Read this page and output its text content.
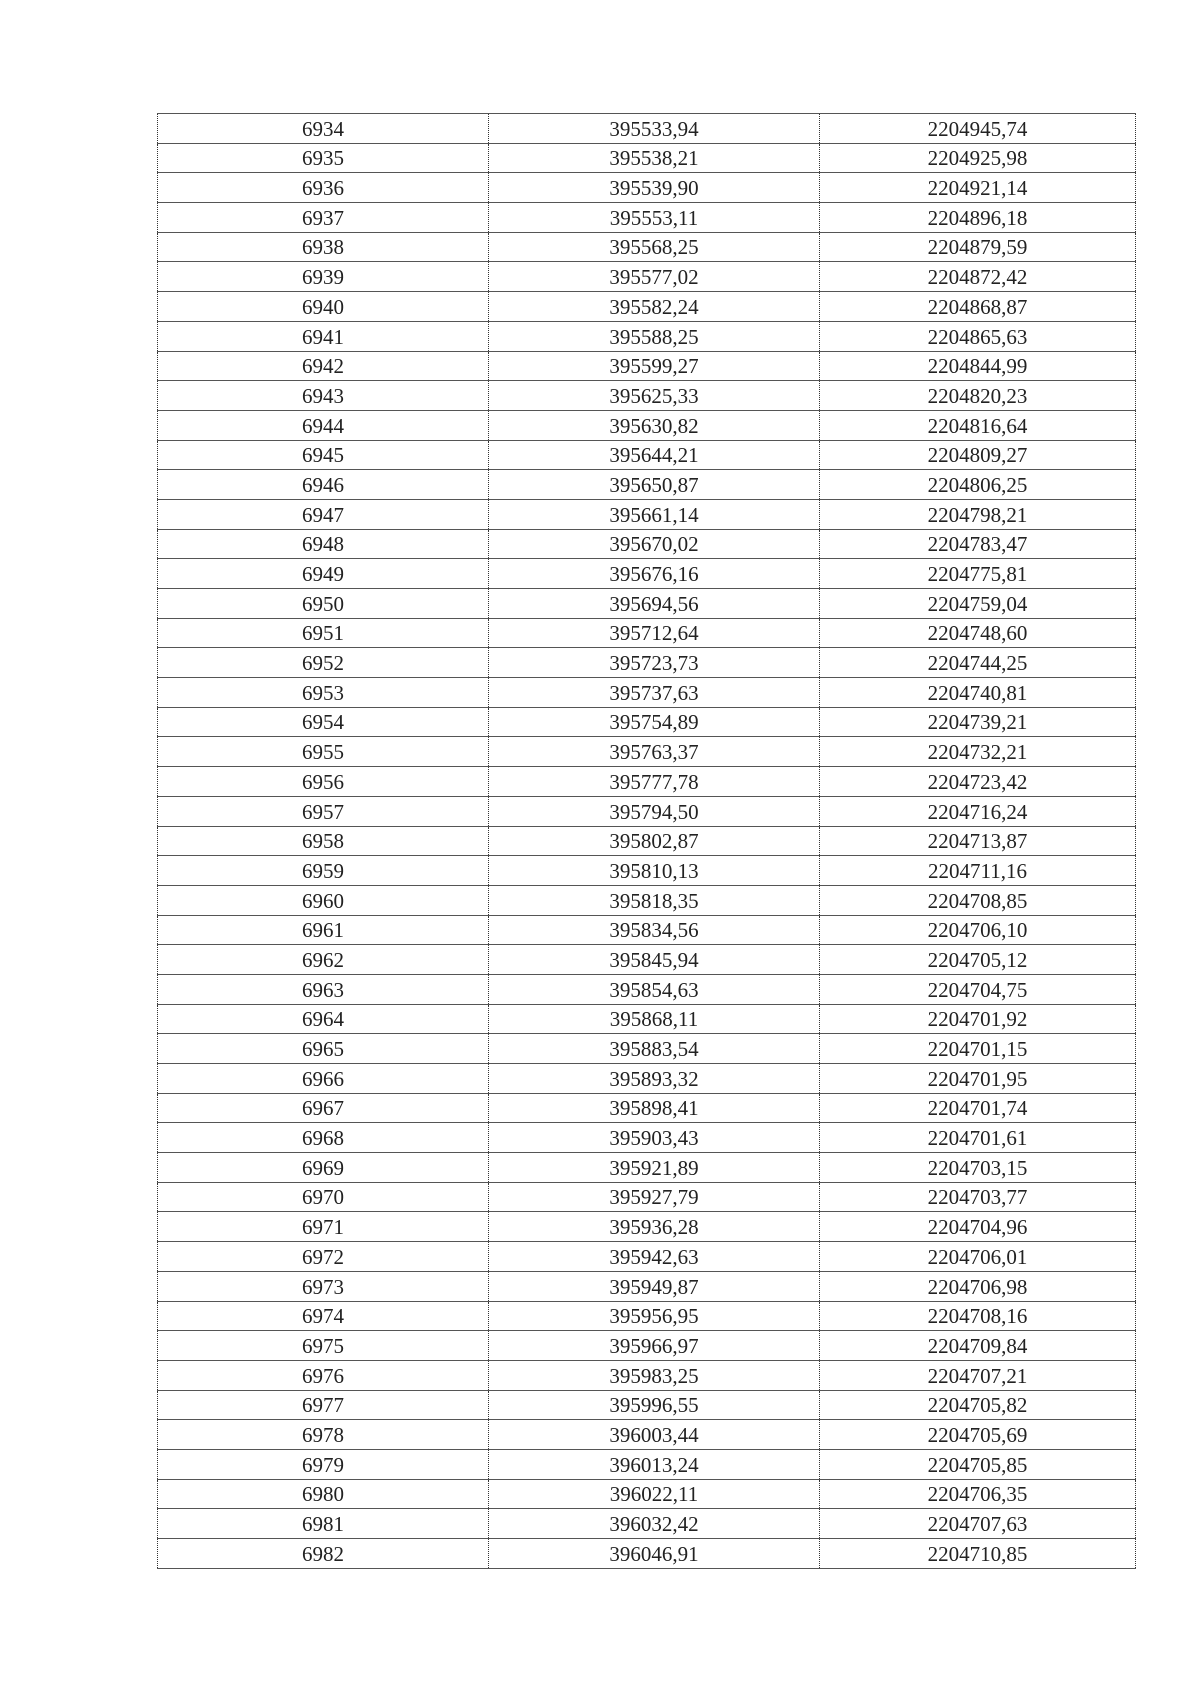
6934	395533,94	2204945,74
6935	395538,21	2204925,98
6936	395539,90	2204921,14
6937	395553,11	2204896,18
6938	395568,25	2204879,59
6939	395577,02	2204872,42
6940	395582,24	2204868,87
6941	395588,25	2204865,63
6942	395599,27	2204844,99
6943	395625,33	2204820,23
6944	395630,82	2204816,64
6945	395644,21	2204809,27
6946	395650,87	2204806,25
6947	395661,14	2204798,21
6948	395670,02	2204783,47
6949	395676,16	2204775,81
6950	395694,56	2204759,04
6951	395712,64	2204748,60
6952	395723,73	2204744,25
6953	395737,63	2204740,81
6954	395754,89	2204739,21
6955	395763,37	2204732,21
6956	395777,78	2204723,42
6957	395794,50	2204716,24
6958	395802,87	2204713,87
6959	395810,13	2204711,16
6960	395818,35	2204708,85
6961	395834,56	2204706,10
6962	395845,94	2204705,12
6963	395854,63	2204704,75
6964	395868,11	2204701,92
6965	395883,54	2204701,15
6966	395893,32	2204701,95
6967	395898,41	2204701,74
6968	395903,43	2204701,61
6969	395921,89	2204703,15
6970	395927,79	2204703,77
6971	395936,28	2204704,96
6972	395942,63	2204706,01
6973	395949,87	2204706,98
6974	395956,95	2204708,16
6975	395966,97	2204709,84
6976	395983,25	2204707,21
6977	395996,55	2204705,82
6978	396003,44	2204705,69
6979	396013,24	2204705,85
6980	396022,11	2204706,35
6981	396032,42	2204707,63
6982	396046,91	2204710,85
